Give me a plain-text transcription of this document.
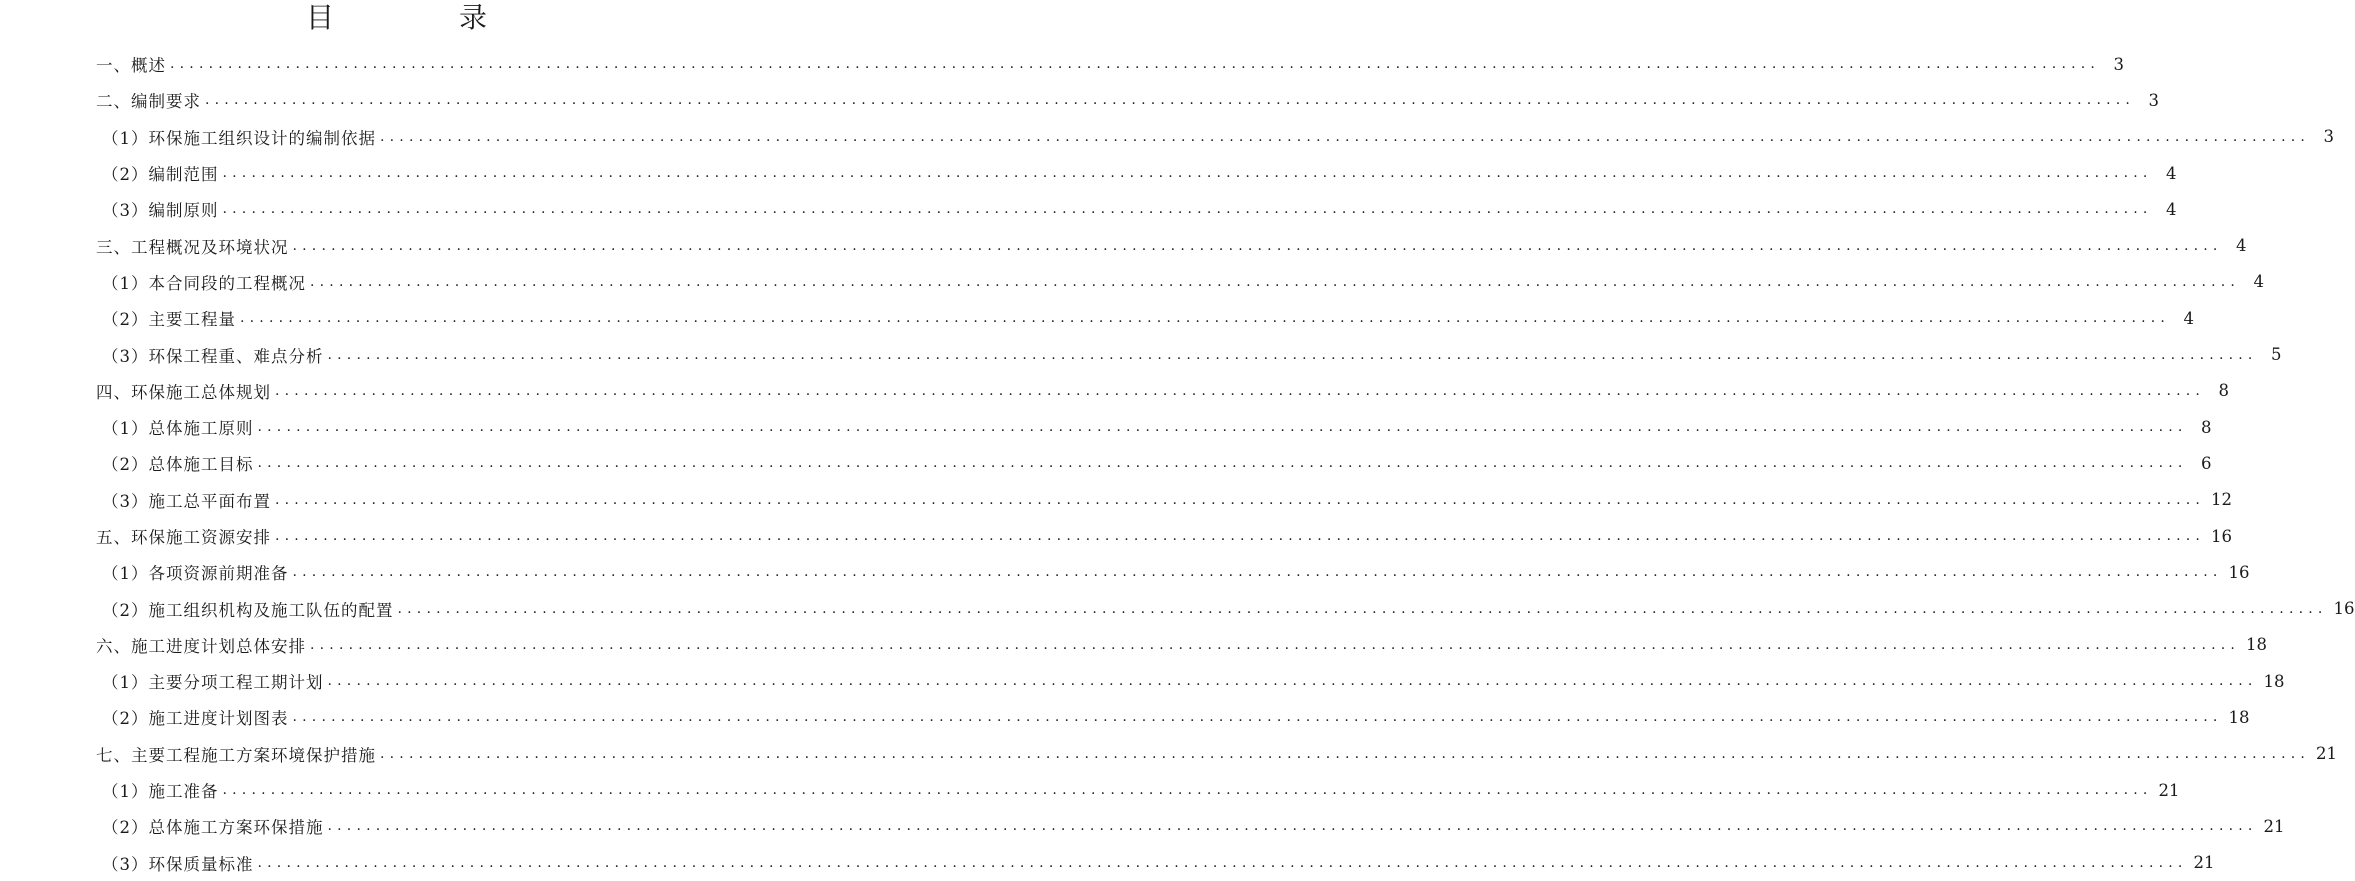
目 录
一、概述 ........................................................................................................................................................................................................ 3
二、编制要求 ........................................................................................................................................................................................................ 3
（1）环保施工组织设计的编制依据 ........................................................................................................................................................................................................ 3
（2）编制范围 ........................................................................................................................................................................................................ 4
（3）编制原则 ........................................................................................................................................................................................................ 4
三、工程概况及环境状况 ........................................................................................................................................................................................................ 4
（1）本合同段的工程概况 ........................................................................................................................................................................................................ 4
（2）主要工程量 ........................................................................................................................................................................................................ 4
（3）环保工程重、难点分析 ........................................................................................................................................................................................................ 5
四、环保施工总体规划 ........................................................................................................................................................................................................ 8
（1）总体施工原则 ........................................................................................................................................................................................................ 8
（2）总体施工目标 ........................................................................................................................................................................................................ 6
（3）施工总平面布置 ........................................................................................................................................................................................................ 12
五、环保施工资源安排 ........................................................................................................................................................................................................ 16
（1）各项资源前期准备 ........................................................................................................................................................................................................ 16
（2）施工组织机构及施工队伍的配置 ........................................................................................................................................................................................................ 16
六、施工进度计划总体安排 ........................................................................................................................................................................................................ 18
（1）主要分项工程工期计划 ........................................................................................................................................................................................................ 18
（2）施工进度计划图表 ........................................................................................................................................................................................................ 18
七、主要工程施工方案环境保护措施 ........................................................................................................................................................................................................ 21
（1）施工准备 ........................................................................................................................................................................................................ 21
（2）总体施工方案环保措施 ........................................................................................................................................................................................................ 21
（3）环保质量标准 ........................................................................................................................................................................................................ 21
